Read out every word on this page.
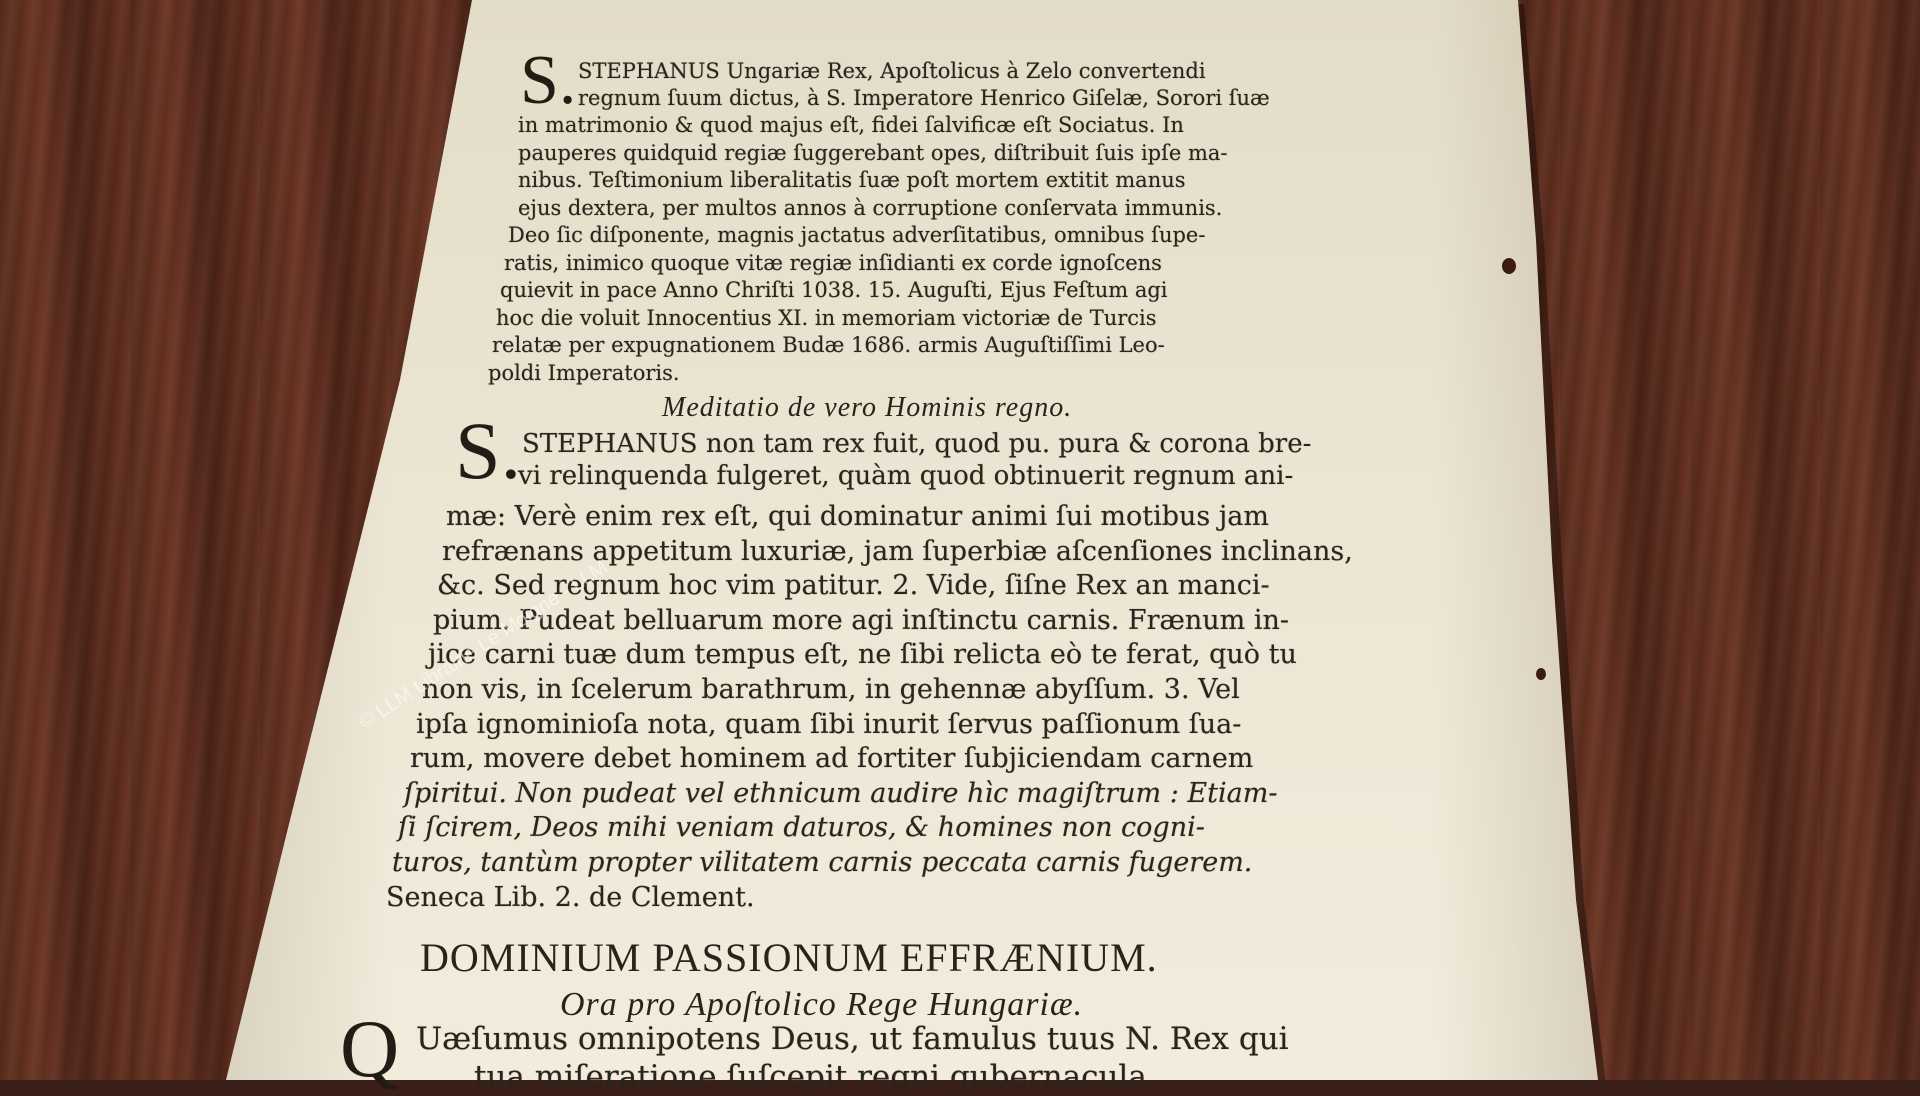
S. STEPHANUS Ungariæ Rex, Apoſtolicus à Zelo convertendi
regnum ſuum dictus, à S. Imperatore Henrico Giſelæ, Sorori ſuæ
in matrimonio & quod majus eſt, fidei ſalvificæ eſt Sociatus. In
pauperes quidquid regiæ ſuggerebant opes, diſtribuit ſuis ipſe ma-
nibus. Teſtimonium liberalitatis ſuæ poſt mortem extitit manus
ejus dextera, per multos annos à corruptione conſervata immunis.
Deo ſic diſponente, magnis jactatus adverſitatibus, omnibus ſupe-
ratis, inimico quoque vitæ regiæ inſidianti ex corde ignoſcens
quievit in pace Anno Chriſti 1038. 15. Auguſti, Ejus Feſtum agi
hoc die voluit Innocentius XI. in memoriam victoriæ de Turcis
relatæ per expugnationem Budæ 1686. armis Auguſtiſſimi Leo-
poldi Imperatoris.
Meditatio de vero Hominis regno.
S. STEPHANUS non tam rex fuit, quod pu. pura & corona bre-
vi relinquenda fulgeret, quàm quod obtinuerit regnum ani-
mæ: Verè enim rex eſt, qui dominatur animi ſui motibus jam
refrænans appetitum luxuriæ, jam ſuperbiæ aſcenſiones inclinans,
&c. Sed regnum hoc vim patitur. 2. Vide, ſiſne Rex an manci-
pium. Pudeat belluarum more agi inſtinctu carnis. Frænum in-
jice carni tuæ dum tempus eſt, ne ſibi relicta eò te ferat, quò tu
non vis, in ſcelerum barathrum, in gehennæ abyſſum. 3. Vel
ipſa ignominioſa nota, quam ſibi inurit ſervus paſſionum ſua-
rum, movere debet hominem ad fortiter ſubjiciendam carnem
ſpiritui. Non pudeat vel ethnicum audire hìc magiſtrum : Etiam-
ſi ſcirem, Deos mihi veniam daturos, & homines non cogni-
turos, tantùm propter vilitatem carnis peccata carnis fugerem.
Seneca Lib. 2. de Clement.
DOMINIUM PASSIONUM EFFRÆNIUM.
Ora pro Apoſtolico Rege Hungariæ.
Q Uæſumus omnipotens Deus, ut famulus tuus N. Rex qui
tua miſeratione ſuſcepit regni gubernacula
© LLM Librairie Le Moigne - LLM
